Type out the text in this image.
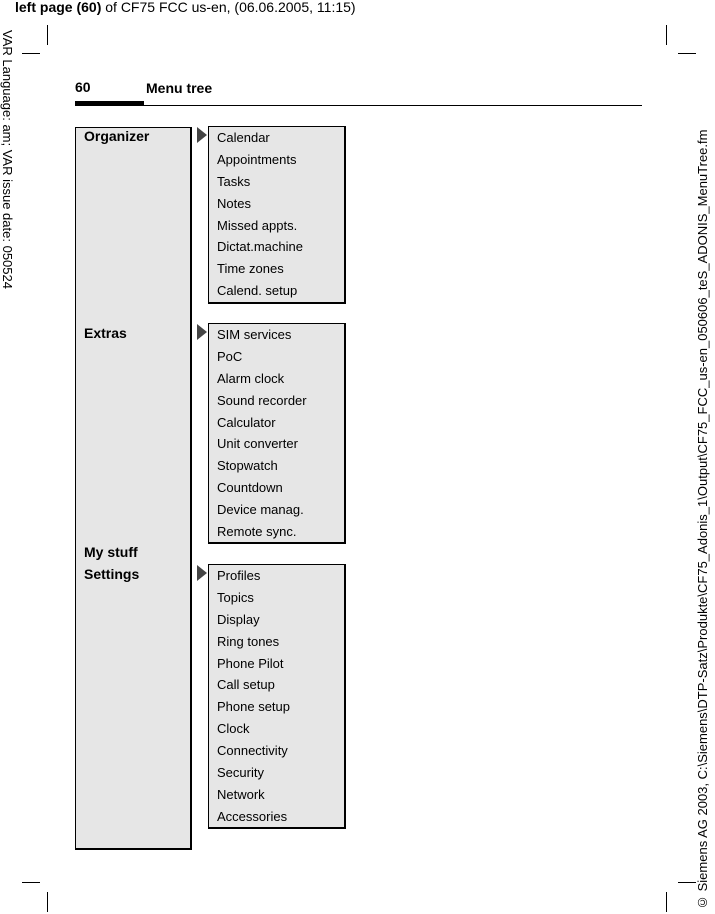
left page (60) of CF75 FCC us-en, (06.06.2005, 11:15)
VAR Language: am; VAR issue date: 050524	© Siemens AG 2003, C:\Siemens\DTP-Satz\Produkte\CF75_Adonis_1\Output\CF75_FCC_us-en_050606_teS_ADONIS_MenuTree.fm
60	Menu tree
Organizer
Extras
My stuff
Settings
Calendar
Appointments
Tasks
Notes
Missed appts.
Dictat.machine
Time zones
Calend. setup
SIM services
PoC
Alarm clock
Sound recorder
Calculator
Unit converter
Stopwatch
Countdown
Device manag.
Remote sync.
Profiles
Topics
Display
Ring tones
Phone Pilot
Call setup
Phone setup
Clock
Connectivity
Security
Network
Accessories
